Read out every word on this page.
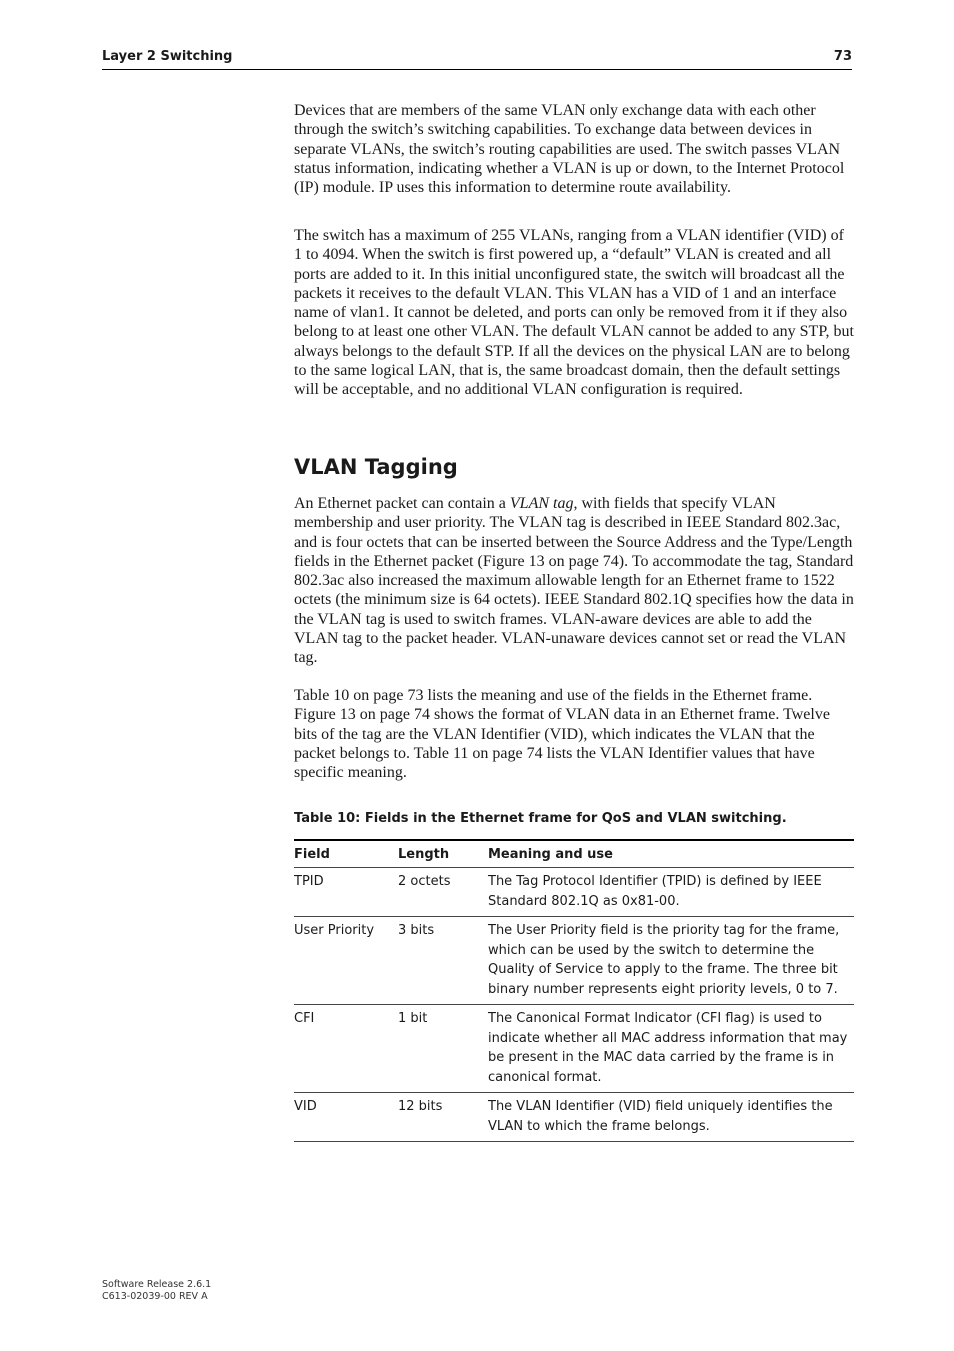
Layer 2 Switching	73

Devices that are members of the same VLAN only exchange data with each other through the switch’s switching capabilities. To exchange data between devices in separate VLANs, the switch’s routing capabilities are used. The switch passes VLAN status information, indicating whether a VLAN is up or down, to the Internet Protocol (IP) module. IP uses this information to determine route availability.

The switch has a maximum of 255 VLANs, ranging from a VLAN identifier (VID) of 1 to 4094. When the switch is first powered up, a “default” VLAN is created and all ports are added to it. In this initial unconfigured state, the switch will broadcast all the packets it receives to the default VLAN. This VLAN has a VID of 1 and an interface name of vlan1. It cannot be deleted, and ports can only be removed from it if they also belong to at least one other VLAN. The default VLAN cannot be added to any STP, but always belongs to the default STP. If all the devices on the physical LAN are to belong to the same logical LAN, that is, the same broadcast domain, then the default settings will be acceptable, and no additional VLAN configuration is required.

VLAN Tagging

An Ethernet packet can contain a VLAN tag, with fields that specify VLAN membership and user priority. The VLAN tag is described in IEEE Standard 802.3ac, and is four octets that can be inserted between the Source Address and the Type/Length fields in the Ethernet packet (Figure 13 on page 74). To accommodate the tag, Standard 802.3ac also increased the maximum allowable length for an Ethernet frame to 1522 octets (the minimum size is 64 octets). IEEE Standard 802.1Q specifies how the data in the VLAN tag is used to switch frames. VLAN-aware devices are able to add the VLAN tag to the packet header. VLAN-unaware devices cannot set or read the VLAN tag.

Table 10 on page 73 lists the meaning and use of the fields in the Ethernet frame. Figure 13 on page 74 shows the format of VLAN data in an Ethernet frame. Twelve bits of the tag are the VLAN Identifier (VID), which indicates the VLAN that the packet belongs to. Table 11 on page 74 lists the VLAN Identifier values that have specific meaning.

Table 10: Fields in the Ethernet frame for QoS and VLAN switching.
Field	Length	Meaning and use
TPID	2 octets	The Tag Protocol Identifier (TPID) is defined by IEEE Standard 802.1Q as 0x81-00.
User Priority	3 bits	The User Priority field is the priority tag for the frame, which can be used by the switch to determine the Quality of Service to apply to the frame. The three bit binary number represents eight priority levels, 0 to 7.
CFI	1 bit	The Canonical Format Indicator (CFI flag) is used to indicate whether all MAC address information that may be present in the MAC data carried by the frame is in canonical format.
VID	12 bits	The VLAN Identifier (VID) field uniquely identifies the VLAN to which the frame belongs.
Software Release 2.6.1
C613-02039-00 REV A
